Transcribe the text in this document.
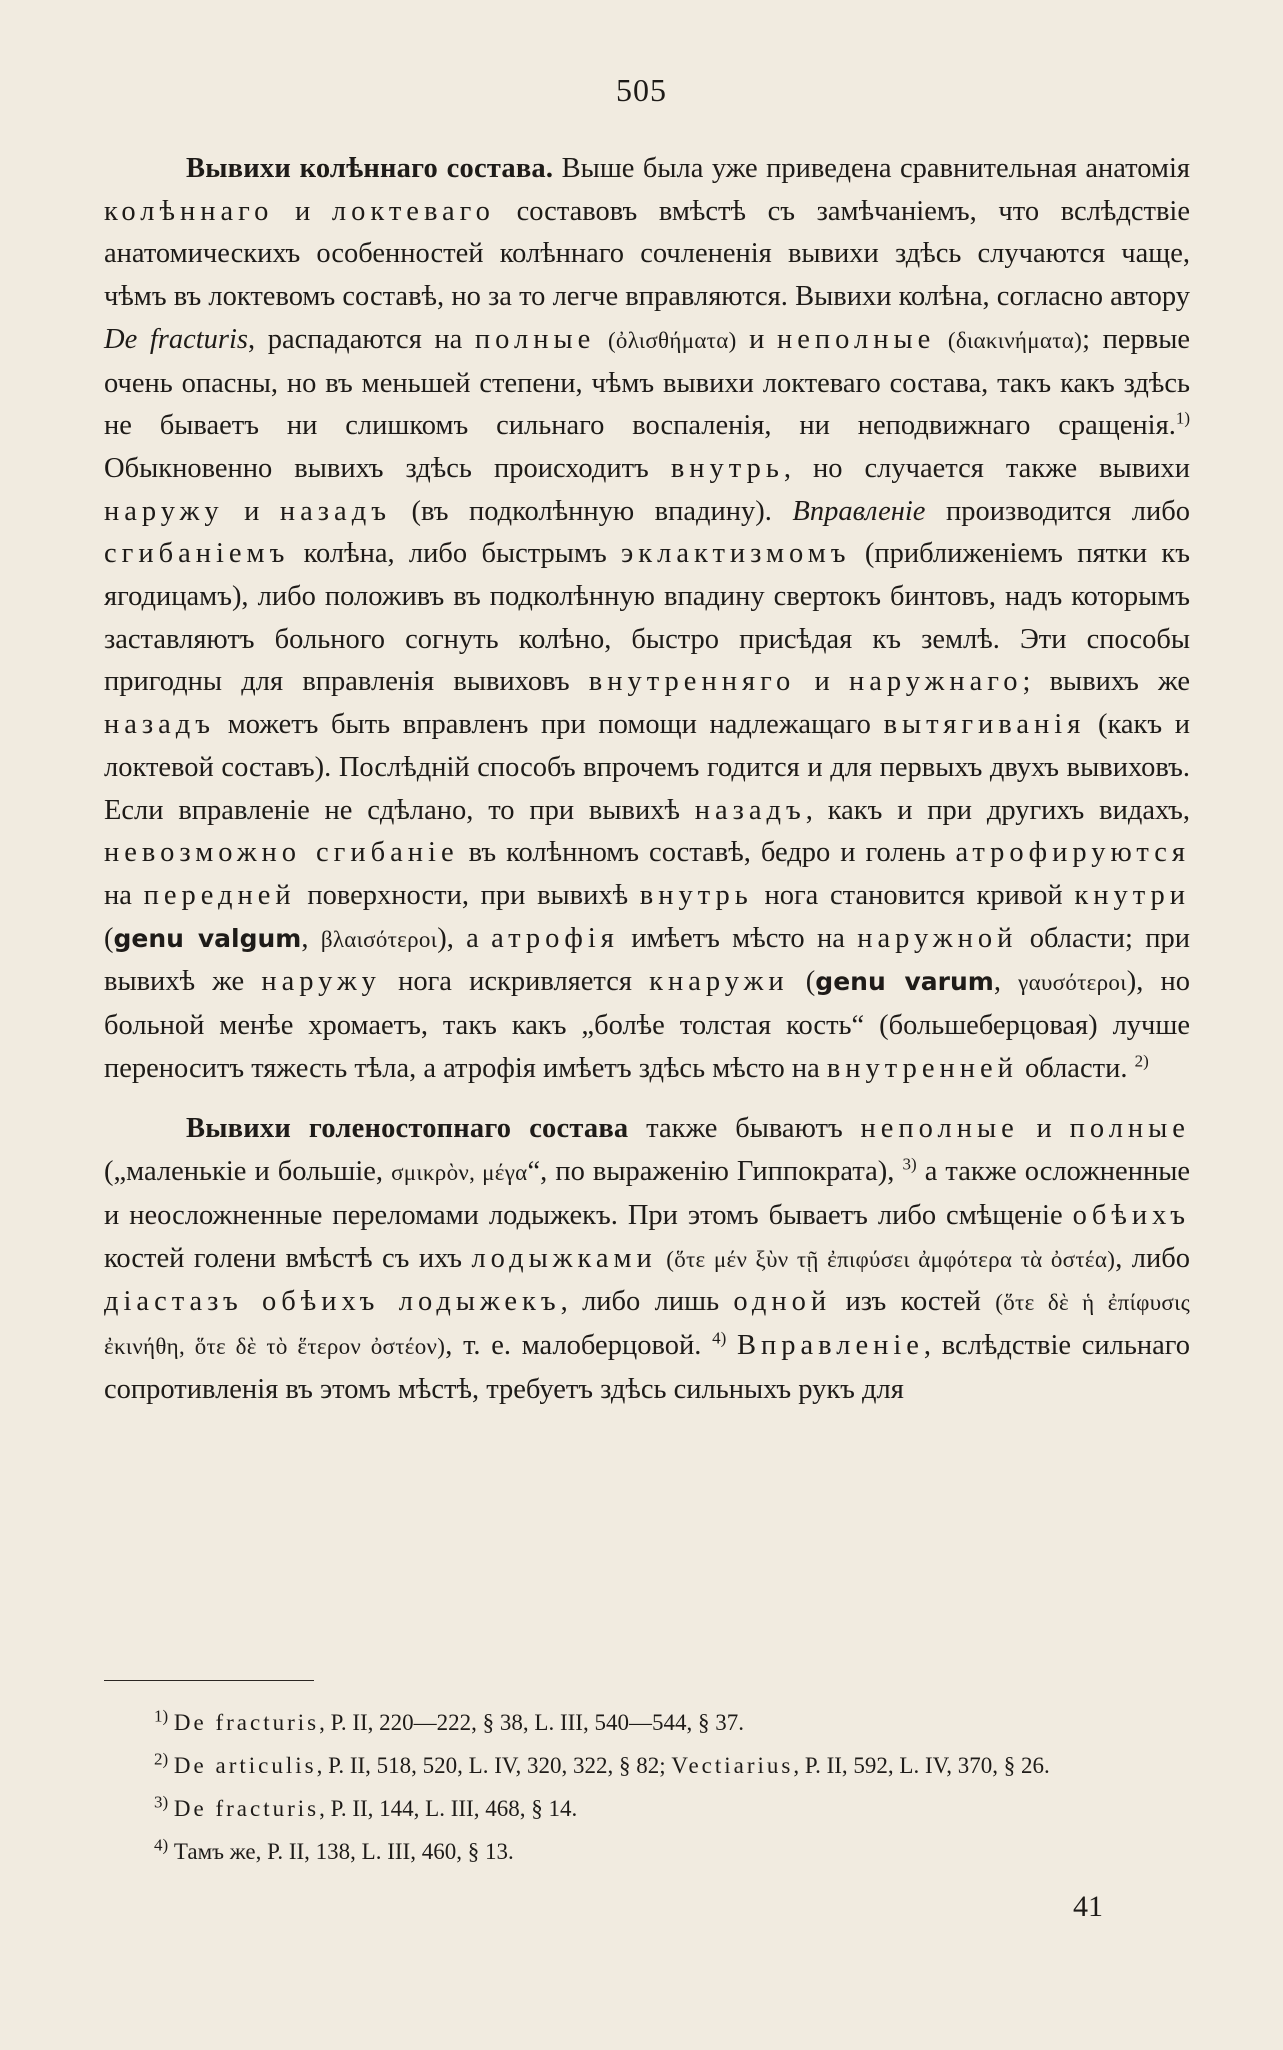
505

Вывихи колѣннаго состава. Выше была уже приведена сравнительная анатомія колѣннаго и локтеваго составовъ вмѣстѣ съ замѣчаніемъ, что вслѣдствіе анатомическихъ особенностей колѣннаго сочлененія вывихи здѣсь случаются чаще, чѣмъ въ локтевомъ составѣ, но за то легче вправляются. Вывихи колѣна, согласно автору De fracturis, распадаются на полные (ὀλισθήματα) и неполные (διακινήματα); первые очень опасны, но въ меньшей степени, чѣмъ вывихи локтеваго состава, такъ какъ здѣсь не бываетъ ни слишкомъ сильнаго воспаленія, ни неподвижнаго сращенія.$^{1)}$ Обыкновенно вывихъ здѣсь происходитъ внутрь, но случается также вывихи наружу и назадъ (въ подколѣнную впадину). Вправленіе производится либо сгибаніемъ колѣна, либо быстрымъ эклактизмомъ (приближеніемъ пятки къ ягодицамъ), либо положивъ въ подколѣнную впадину свертокъ бинтовъ, надъ которымъ заставляютъ больного согнуть колѣно, быстро присѣдая къ землѣ. Эти способы пригодны для вправленія вывиховъ внутренняго и наружнаго; вывихъ же назадъ можетъ быть вправленъ при помощи надлежащаго вытягиванія (какъ и локтевой составъ). Послѣдній способъ впрочемъ годится и для первыхъ двухъ вывиховъ. Если вправленіе не сдѣлано, то при вывихѣ назадъ, какъ и при другихъ видахъ, невозможно сгибаніе въ колѣнномъ составѣ, бедро и голень атрофируются на передней поверхности, при вывихѣ внутрь нога становится кривой кнутри (genu valgum, βλαισότεροι), а атрофія имѣетъ мѣсто на наружной области; при вывихѣ же наружу нога искривляется кнаружи (genu varum, γαυσότεροι), но больной менѣе хромаетъ, такъ какъ „болѣе толстая кость“ (большеберцовая) лучше переноситъ тяжесть тѣла, а атрофія имѣетъ здѣсь мѣсто на внутренней области. $^{2)}$

Вывихи голеностопнаго состава также бываютъ неполные и полные („маленькіе и большіе, σμικρὸν, μέγα“, по выраженію Гиппократа), $^{3)}$ а также осложненные и неосложненные переломами лодыжекъ. При этомъ бываетъ либо смѣщеніе обѣихъ костей голени вмѣстѣ съ ихъ лодыжками (ὅτε μέν ξὺν τῇ ἐπιφύσει ἀμφότερα τὰ ὀστέα), либо діастазъ обѣихъ лодыжекъ, либо лишь одной изъ костей (ὅτε δὲ ἡ ἐπίφυσις ἐκινήθη, ὅτε δὲ τὸ ἕτερον ὀστέον), т. е. малоберцовой. $^{4)}$ Вправленіе, вслѣдствіе сильнаго сопротивленія въ этомъ мѣстѣ, требуетъ здѣсь сильныхъ рукъ для

$^{1)}$ De fracturis, P. II, 220—222, § 38, L. III, 540—544, § 37.

$^{2)}$ De articulis, P. II, 518, 520, L. IV, 320, 322, § 82; Vectiarius, P. II, 592, L. IV, 370, § 26.

$^{3)}$ De fracturis, P. II, 144, L. III, 468, § 14.

$^{4)}$ Тамъ же, P. II, 138, L. III, 460, § 13.

41
